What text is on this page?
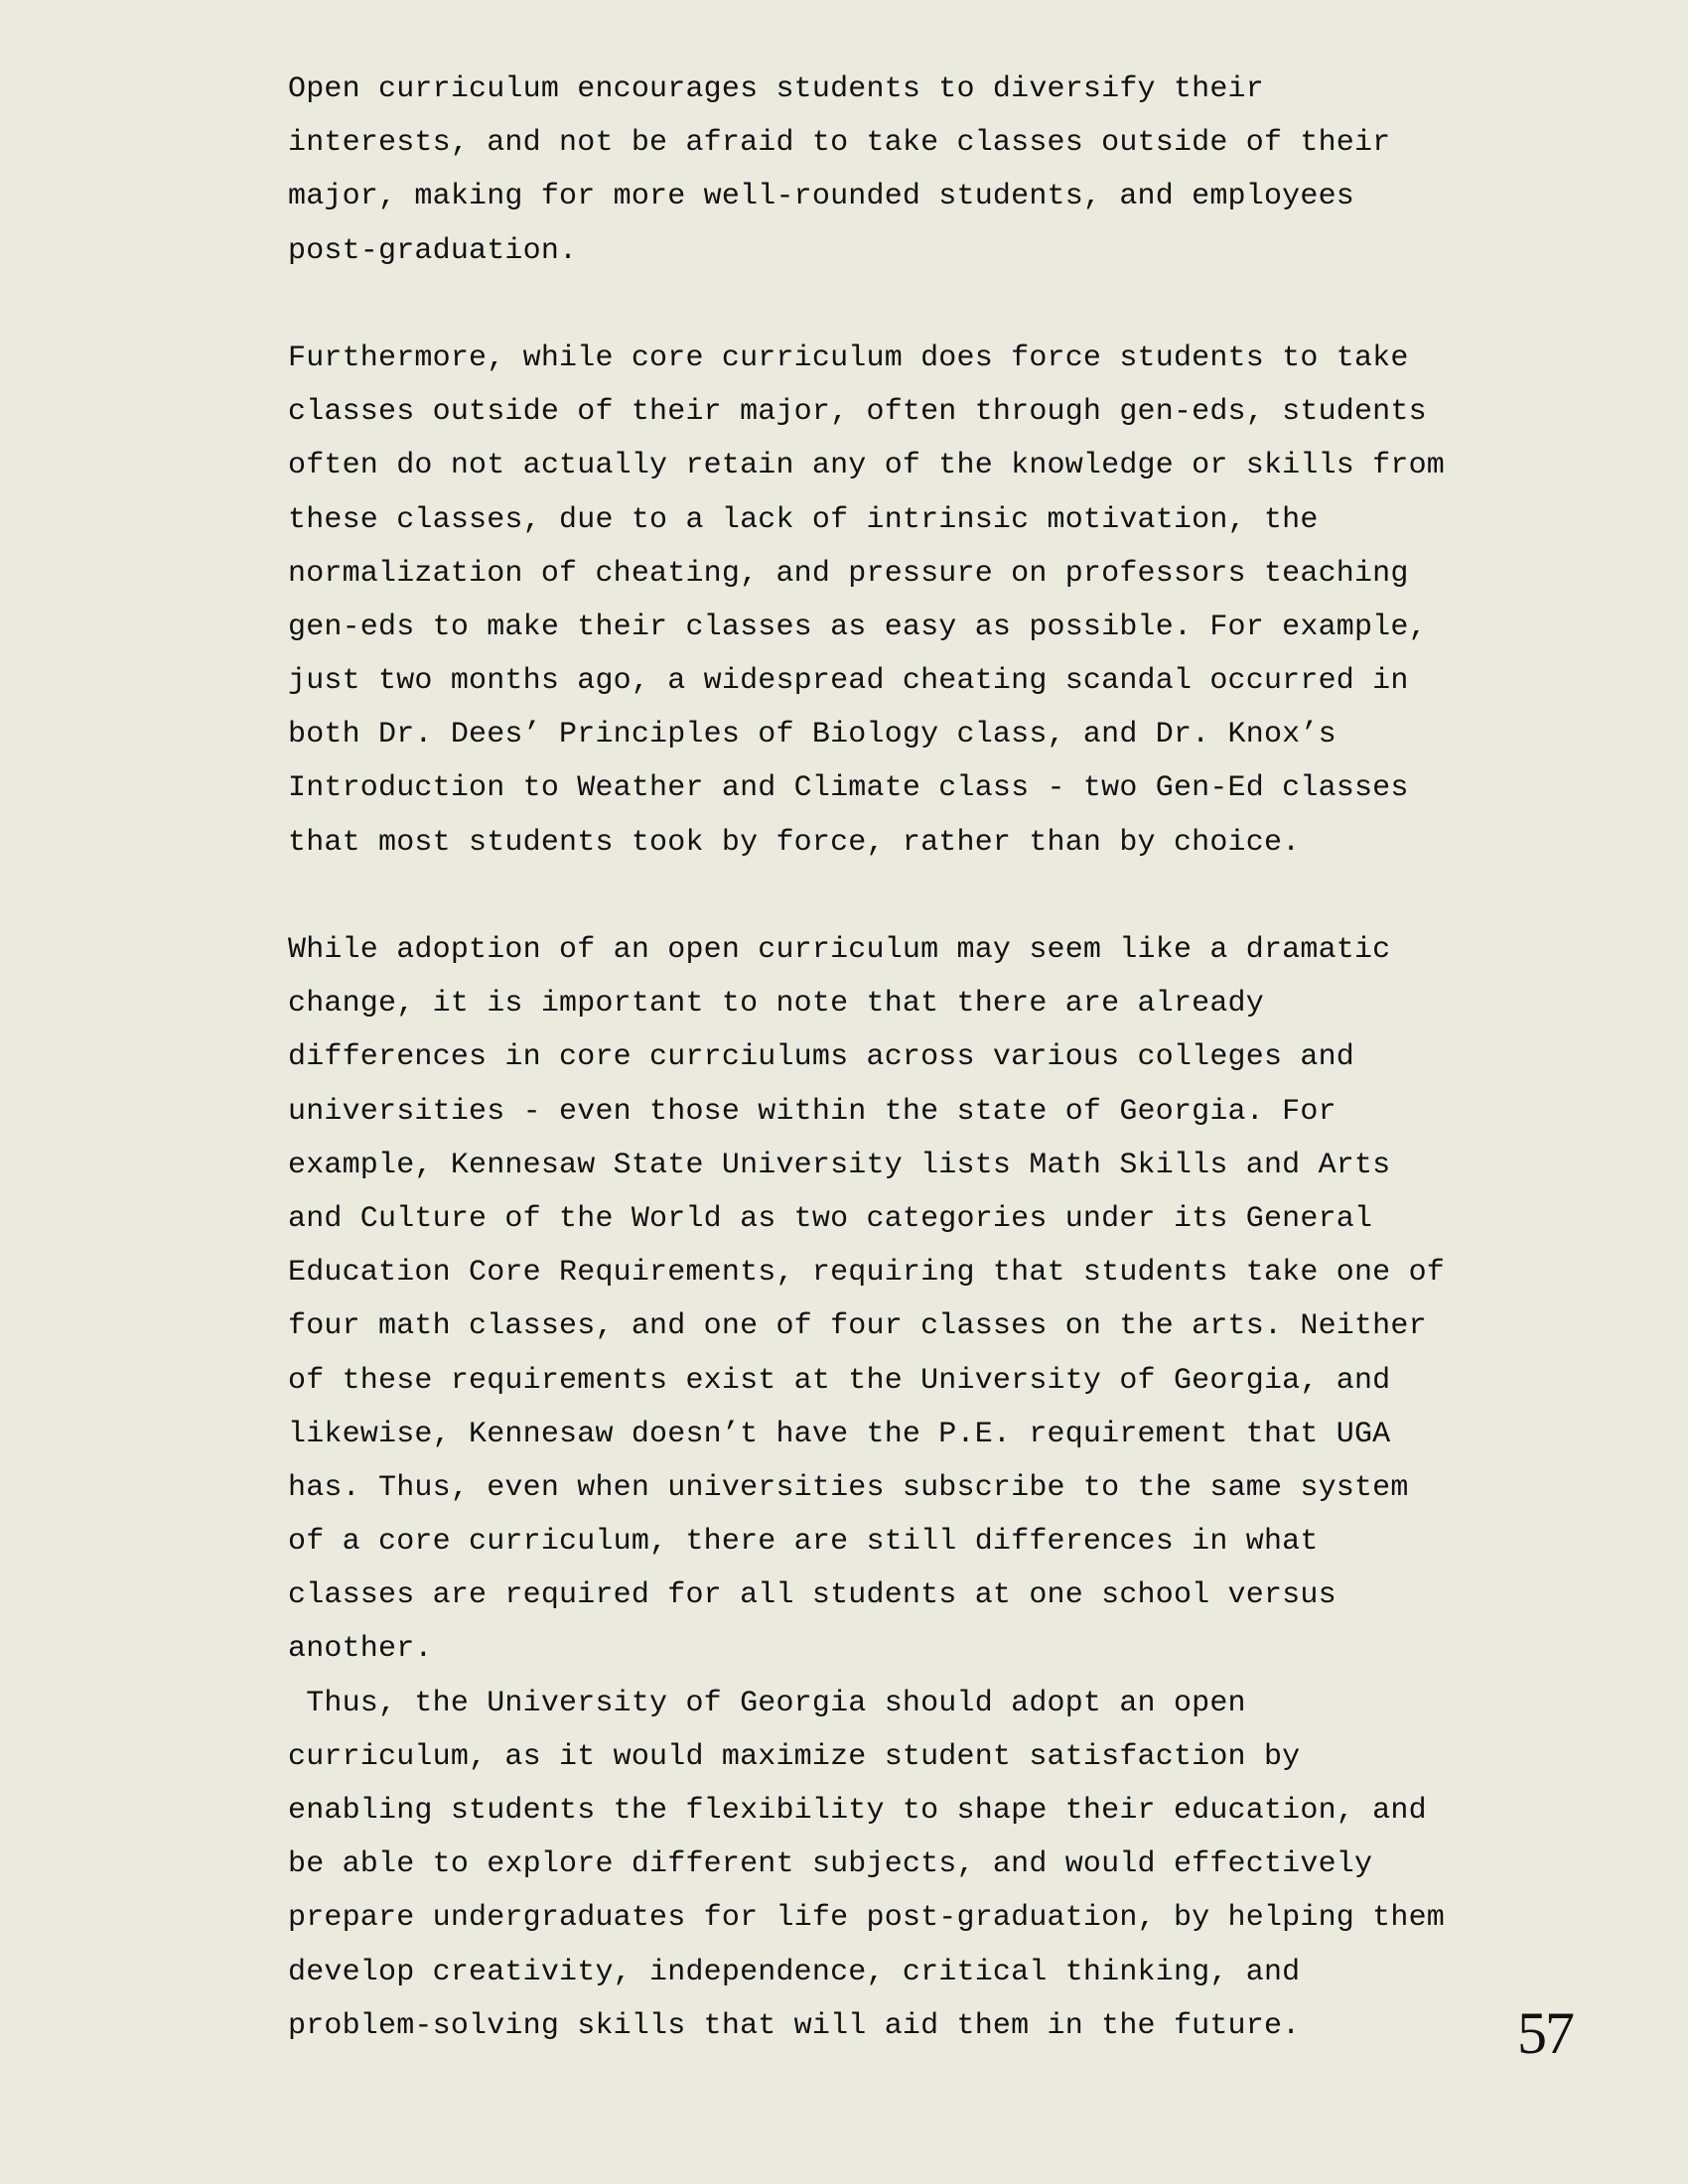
Open curriculum encourages students to diversify their
interests, and not be afraid to take classes outside of their
major, making for more well-rounded students, and employees
post-graduation.
Furthermore, while core curriculum does force students to take
classes outside of their major, often through gen-eds, students
often do not actually retain any of the knowledge or skills from
these classes, due to a lack of intrinsic motivation, the
normalization of cheating, and pressure on professors teaching
gen-eds to make their classes as easy as possible. For example,
just two months ago, a widespread cheating scandal occurred in
both Dr. Dees’ Principles of Biology class, and Dr. Knox’s
Introduction to Weather and Climate class - two Gen-Ed classes
that most students took by force, rather than by choice.
While adoption of an open curriculum may seem like a dramatic
change, it is important to note that there are already
differences in core currciulums across various colleges and
universities - even those within the state of Georgia. For
example, Kennesaw State University lists Math Skills and Arts
and Culture of the World as two categories under its General
Education Core Requirements, requiring that students take one of
four math classes, and one of four classes on the arts. Neither
of these requirements exist at the University of Georgia, and
likewise, Kennesaw doesn’t have the P.E. requirement that UGA
has. Thus, even when universities subscribe to the same system
of a core curriculum, there are still differences in what
classes are required for all students at one school versus
another.
Thus, the University of Georgia should adopt an open
curriculum, as it would maximize student satisfaction by
enabling students the flexibility to shape their education, and
be able to explore different subjects, and would effectively
prepare undergraduates for life post-graduation, by helping them
develop creativity, independence, critical thinking, and
problem-solving skills that will aid them in the future.	57
